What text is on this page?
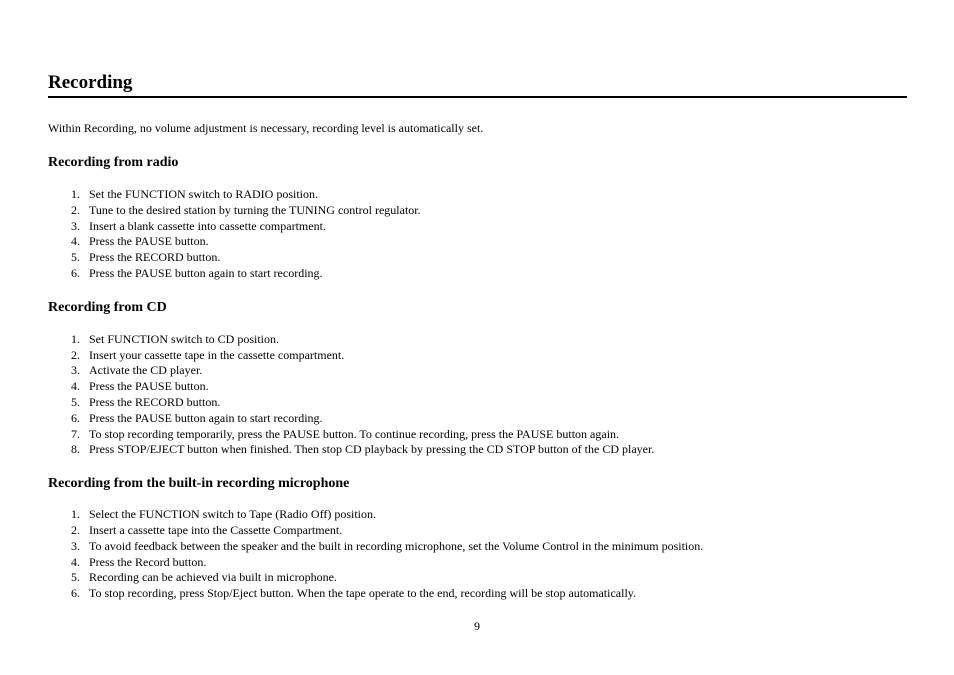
Recording

Within Recording, no volume adjustment is necessary, recording level is automatically set.

Recording from radio
1. Set the FUNCTION switch to RADIO position.
2. Tune to the desired station by turning the TUNING control regulator.
3. Insert a blank cassette into cassette compartment.
4. Press the PAUSE button.
5. Press the RECORD button.
6. Press the PAUSE button again to start recording.
Recording from CD
1. Set FUNCTION switch to CD position.
2. Insert your cassette tape in the cassette compartment.
3. Activate the CD player.
4. Press the PAUSE button.
5. Press the RECORD button.
6. Press the PAUSE button again to start recording.
7. To stop recording temporarily, press the PAUSE button. To continue recording, press the PAUSE button again.
8. Press STOP/EJECT button when finished. Then stop CD playback by pressing the CD STOP button of the CD player.
Recording from the built-in recording microphone
1. Select the FUNCTION switch to Tape (Radio Off) position.
2. Insert a cassette tape into the Cassette Compartment.
3. To avoid feedback between the speaker and the built in recording microphone, set the Volume Control in the minimum position.
4. Press the Record button.
5. Recording can be achieved via built in microphone.
6. To stop recording, press Stop/Eject button. When the tape operate to the end, recording will be stop automatically.
9
